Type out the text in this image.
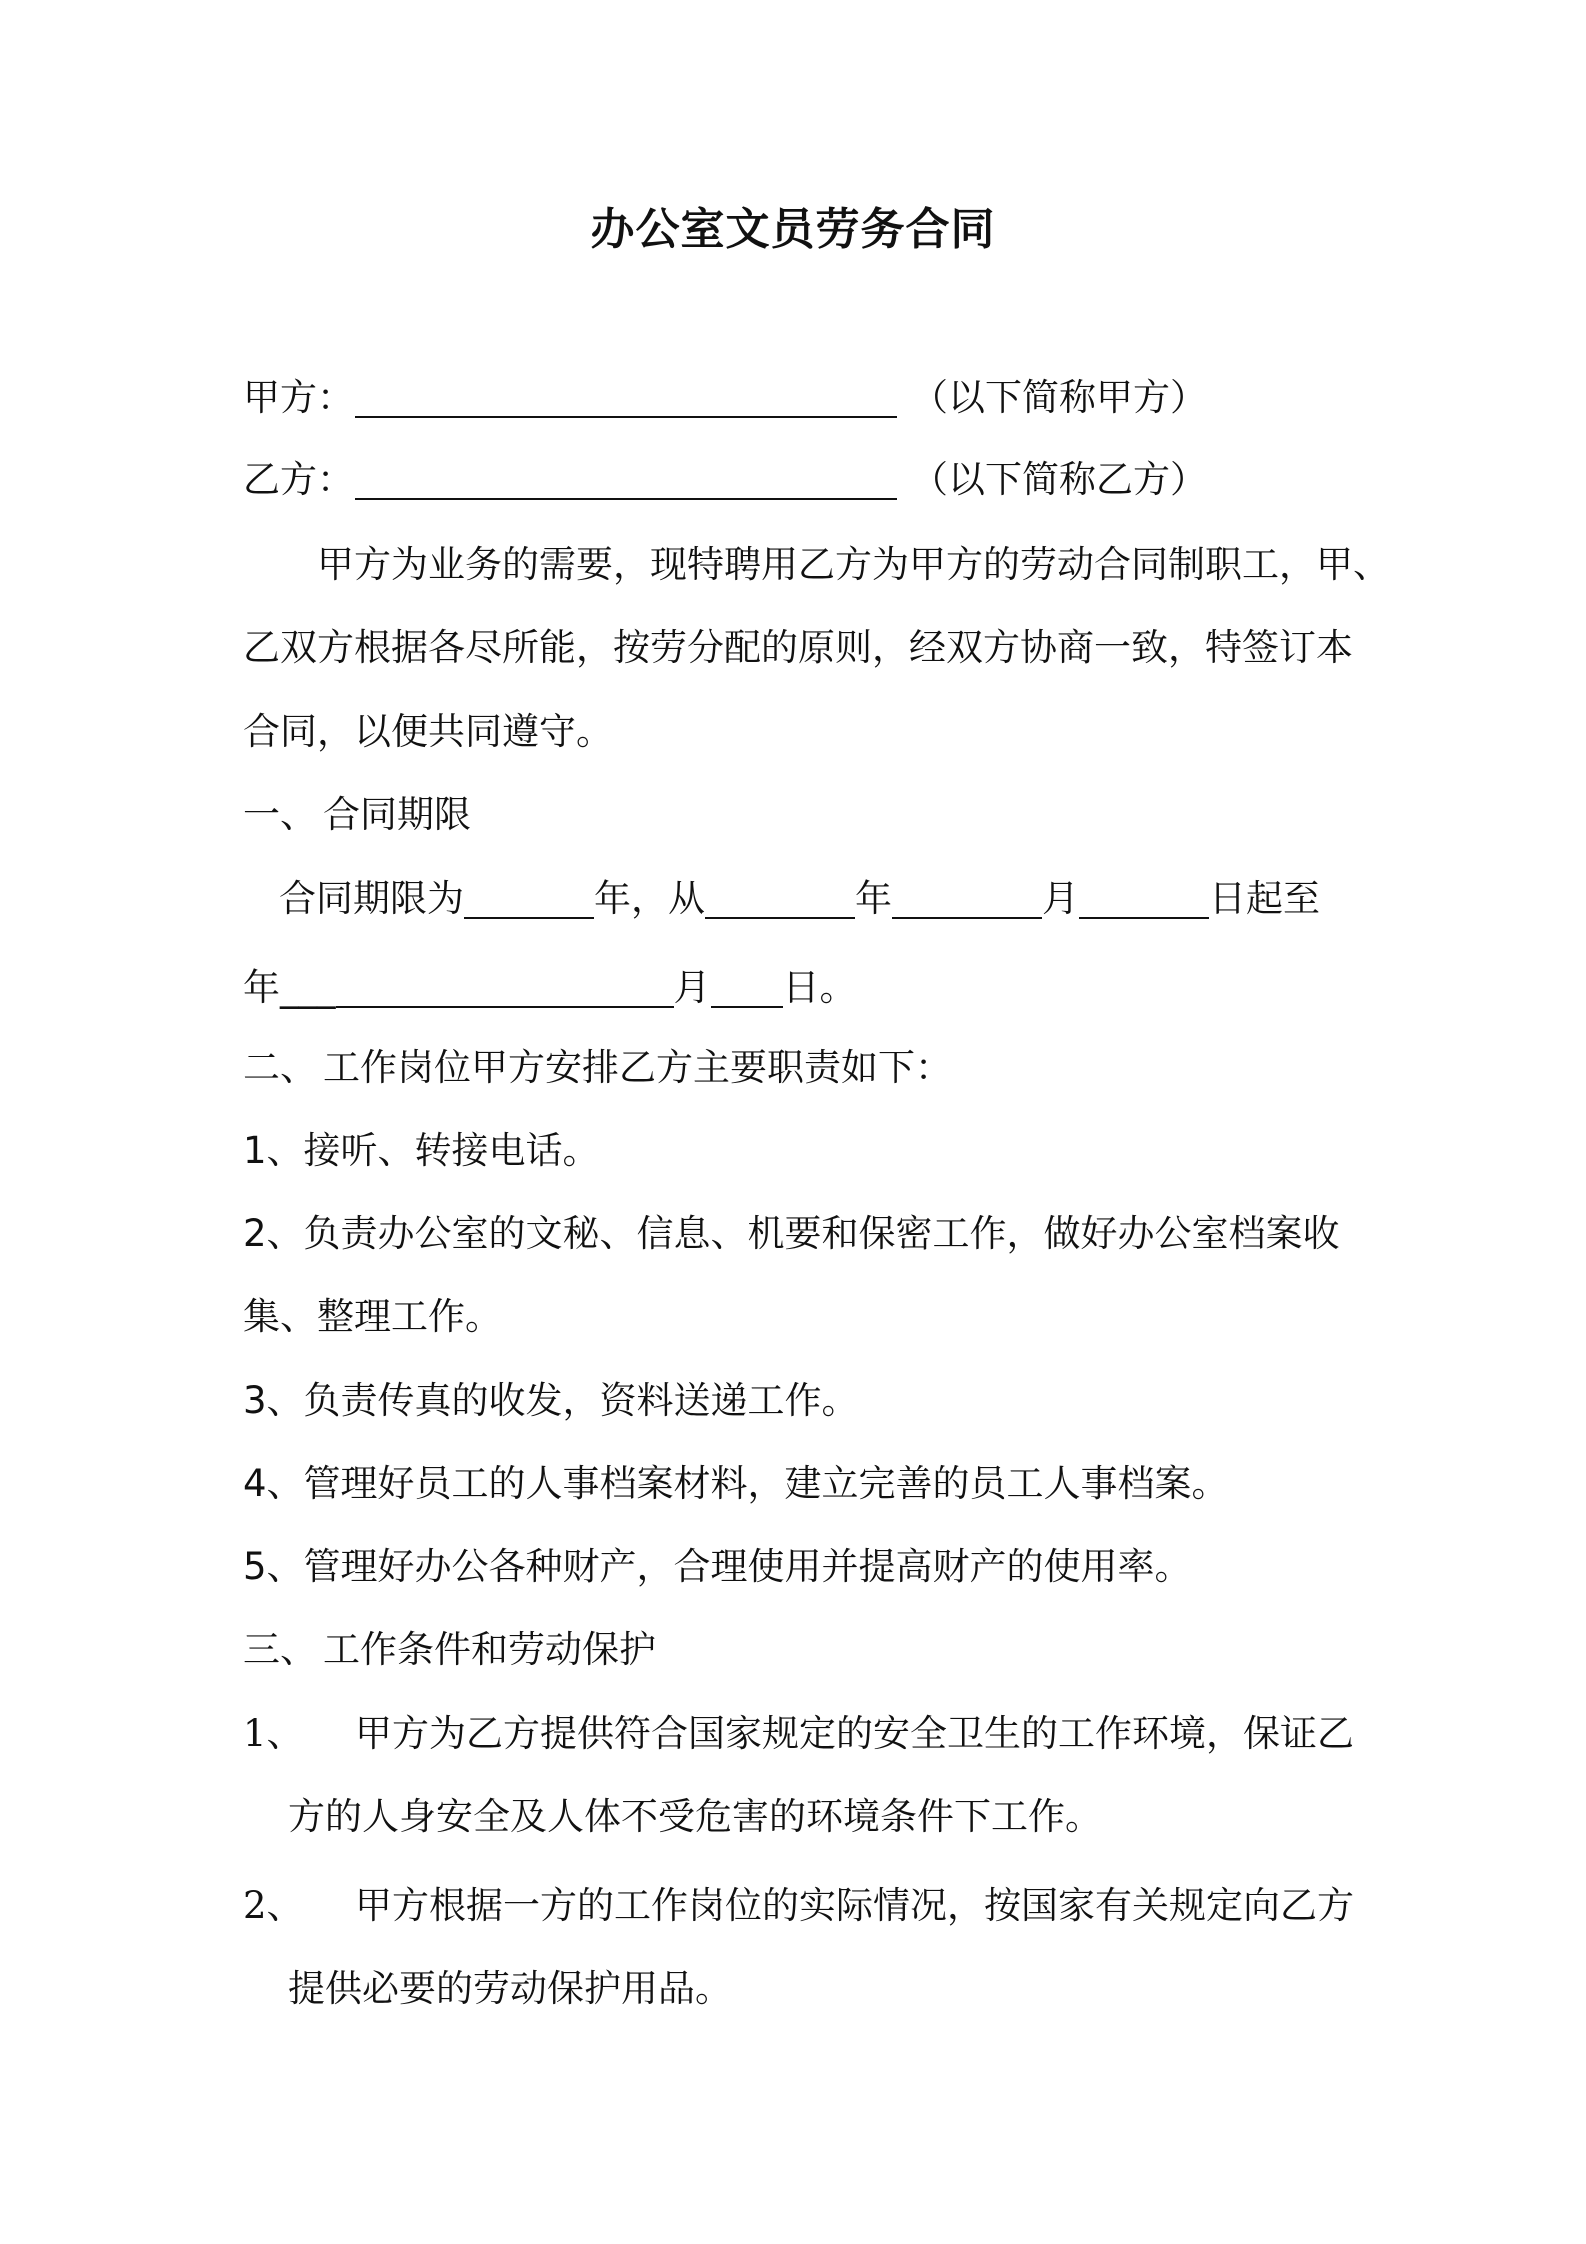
办公室文员劳务合同
甲方：	（以下简称甲方）
乙方：	（以下简称乙方）
甲方为业务的需要，现特聘用乙方为甲方的劳动合同制职工，甲、
乙双方根据各尽所能，按劳分配的原则，经双方协商一致，特签订本
合同，以便共同遵守。
一、 合同期限
合同期限为	年，从	年	月	日起至
年___	月 日。
二、 工作岗位甲方安排乙方主要职责如下：
1、接听、转接电话。
2、负责办公室的文秘、信息、机要和保密工作，做好办公室档案收
集、整理工作。
3、负责传真的收发，资料送递工作。
4、管理好员工的人事档案材料，建立完善的员工人事档案。
5、管理好办公各种财产，合理使用并提高财产的使用率。
三、 工作条件和劳动保护
1、 甲方为乙方提供符合国家规定的安全卫生的工作环境，保证乙
方的人身安全及人体不受危害的环境条件下工作。
2、 甲方根据一方的工作岗位的实际情况，按国家有关规定向乙方
提供必要的劳动保护用品。
